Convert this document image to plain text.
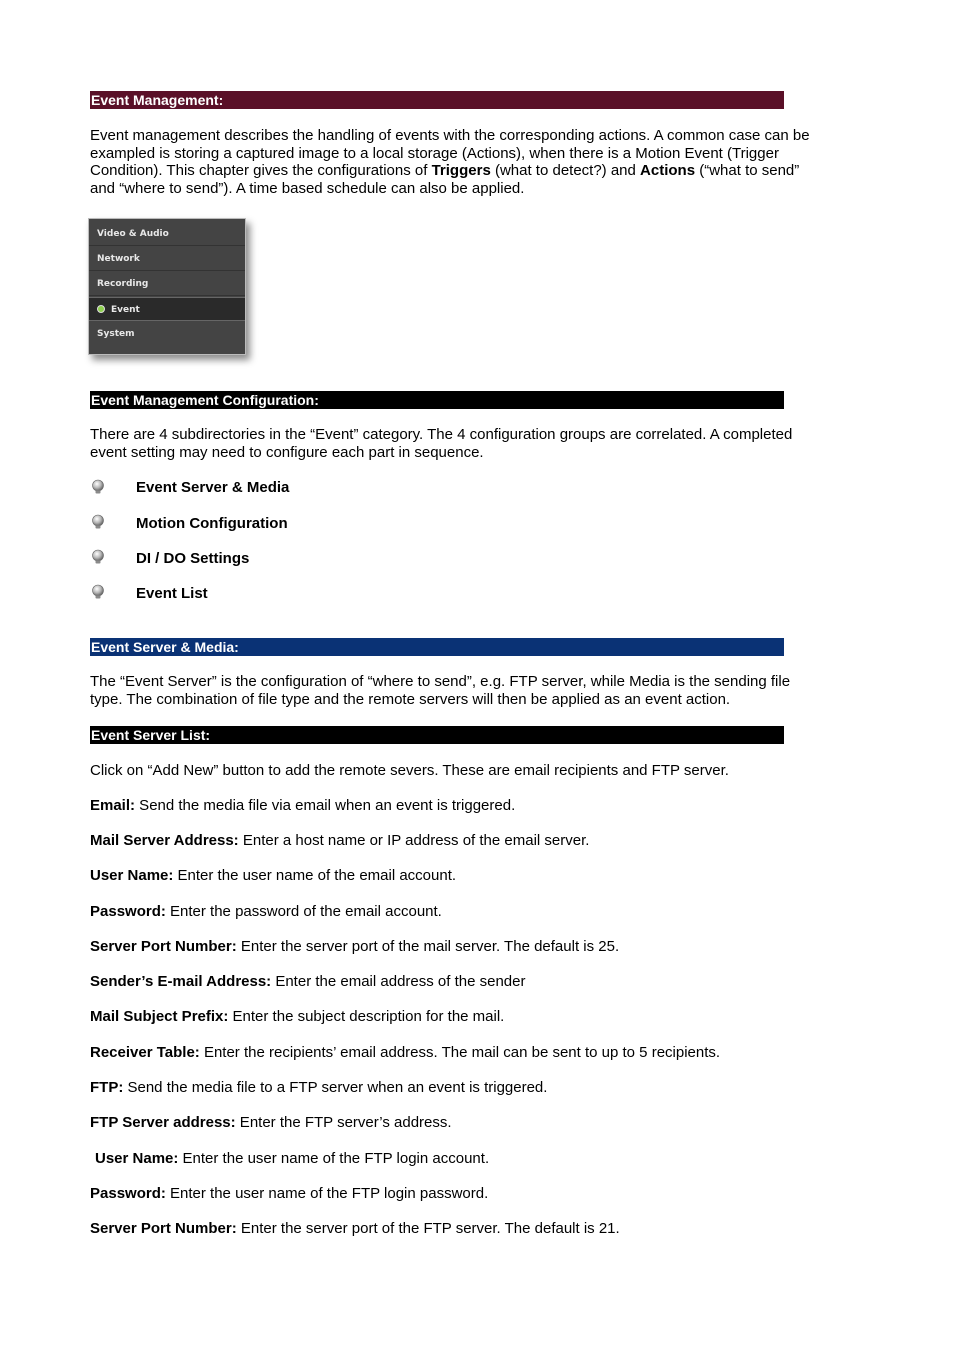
Event Management:
Event management describes the handling of events with the corresponding actions. A common case can be
exampled is storing a captured image to a local storage (Actions), when there is a Motion Event (Trigger
Condition). This chapter gives the configurations of Triggers (what to detect?) and Actions (“what to send”
and “where to send”). A time based schedule can also be applied.
Video & Audio
Network
Recording
Event
System
Event Management Configuration:
There are 4 subdirectories in the “Event” category. The 4 configuration groups are correlated. A completed
event setting may need to configure each part in sequence.
Event Server & Media
Motion Configuration
DI / DO Settings
Event List
Event Server & Media:
The “Event Server” is the configuration of “where to send”, e.g. FTP server, while Media is the sending file
type. The combination of file type and the remote servers will then be applied as an event action.
Event Server List:
Click on “Add New” button to add the remote severs. These are email recipients and FTP server.
Email: Send the media file via email when an event is triggered.
Mail Server Address: Enter a host name or IP address of the email server.
User Name: Enter the user name of the email account.
Password: Enter the password of the email account.
Server Port Number: Enter the server port of the mail server. The default is 25.
Sender’s E-mail Address: Enter the email address of the sender
Mail Subject Prefix: Enter the subject description for the mail.
Receiver Table: Enter the recipients’ email address. The mail can be sent to up to 5 recipients.
FTP: Send the media file to a FTP server when an event is triggered.
FTP Server address: Enter the FTP server’s address.
User Name: Enter the user name of the FTP login account.
Password: Enter the user name of the FTP login password.
Server Port Number: Enter the server port of the FTP server. The default is 21.
